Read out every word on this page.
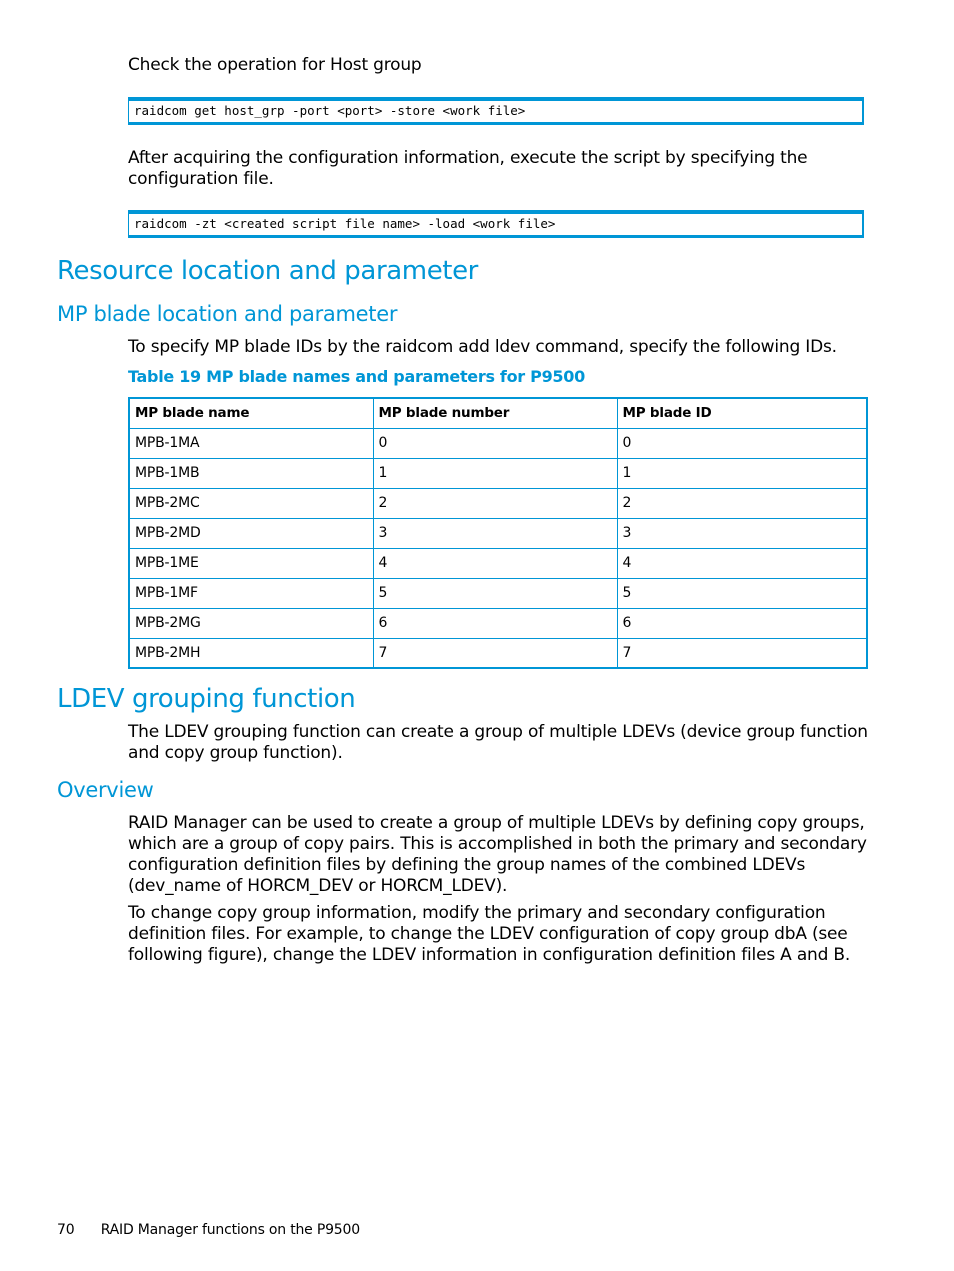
Check the operation for Host group

raidcom get host_grp -port <port> -store <work file>

After acquiring the configuration information, execute the script by specifying the configuration file.

raidcom -zt <created script file name> -load <work file>
Resource location and parameter
MP blade location and parameter

To specify MP blade IDs by the raidcom add ldev command, specify the following IDs.

Table 19 MP blade names and parameters for P9500
MP blade name	MP blade number	MP blade ID
MPB-1MA	0	0
MPB-1MB	1	1
MPB-2MC	2	2
MPB-2MD	3	3
MPB-1ME	4	4
MPB-1MF	5	5
MPB-2MG	6	6
MPB-2MH	7	7
LDEV grouping function

The LDEV grouping function can create a group of multiple LDEVs (device group function and copy group function).

Overview

RAID Manager can be used to create a group of multiple LDEVs by defining copy groups, which are a group of copy pairs. This is accomplished in both the primary and secondary configuration definition files by defining the group names of the combined LDEVs (dev_name of HORCM_DEV or HORCM_LDEV).

To change copy group information, modify the primary and secondary configuration definition files. For example, to change the LDEV configuration of copy group dbA (see following figure), change the LDEV information in configuration definition files A and B.

70 RAID Manager functions on the P9500
